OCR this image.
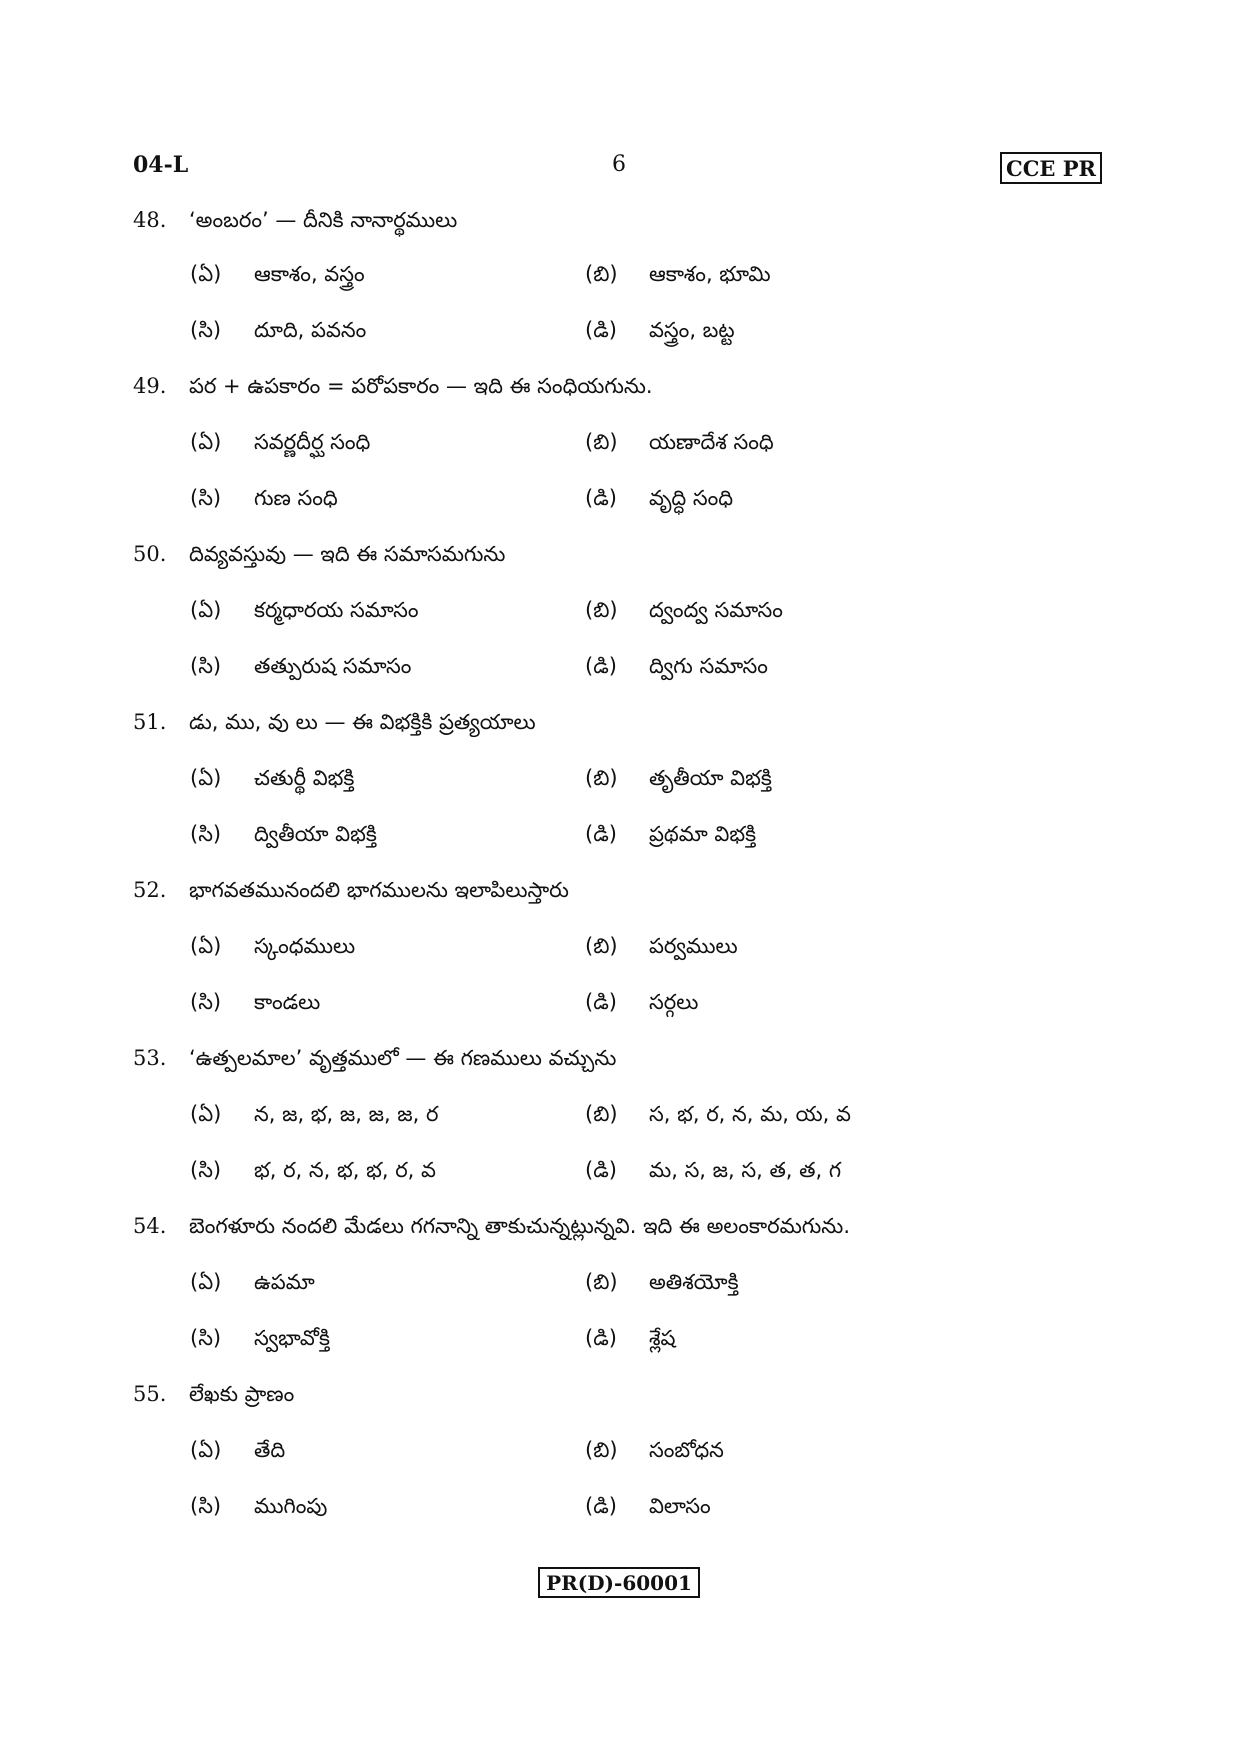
04-L	6	CCE PR
48. ‘అంబరం’ — దీనికి నానార్థములు
(ఏ) ఆకాశం, వస్త్రం	(బి) ఆకాశం, భూమి
(సి) దూది, పవనం	(డి) వస్త్రం, బట్ట
49. పర + ఉపకారం = పరోపకారం — ఇది ఈ సంధియగును.
(ఏ) సవర్ణదీర్ఘ సంధి	(బి) యణాదేశ సంధి
(సి) గుణ సంధి	(డి) వృద్ధి సంధి
50. దివ్యవస్తువు — ఇది ఈ సమాసమగును
(ఏ) కర్మధారయ సమాసం	(బి) ద్వంద్వ సమాసం
(సి) తత్పురుష సమాసం	(డి) ద్విగు సమాసం
51. డు, ము, వు లు — ఈ విభక్తికి ప్రత్యయాలు
(ఏ) చతుర్థీ విభక్తి	(బి) తృతీయా విభక్తి
(సి) ద్వితీయా విభక్తి	(డి) ప్రథమా విభక్తి
52. భాగవతమునందలి భాగములను ఇలాపిలుస్తారు
(ఏ) స్కంధములు	(బి) పర్వములు
(సి) కాండలు	(డి) సర్గలు
53. ‘ఉత్పలమాల’ వృత్తములో — ఈ గణములు వచ్చును
(ఏ) న, జ, భ, జ, జ, జ, ర	(బి) స, భ, ర, న, మ, య, వ
(సి) భ, ర, న, భ, భ, ర, వ	(డి) మ, స, జ, స, త, త, గ
54. బెంగళూరు నందలి మేడలు గగనాన్ని తాకుచున్నట్లున్నవి. ఇది ఈ అలంకారమగును.
(ఏ) ఉపమా	(బి) అతిశయోక్తి
(సి) స్వభావోక్తి	(డి) శ్లేష
55. లేఖకు ప్రాణం
(ఏ) తేది	(బి) సంబోధన
(సి) ముగింపు	(డి) విలాసం
PR(D)-60001
